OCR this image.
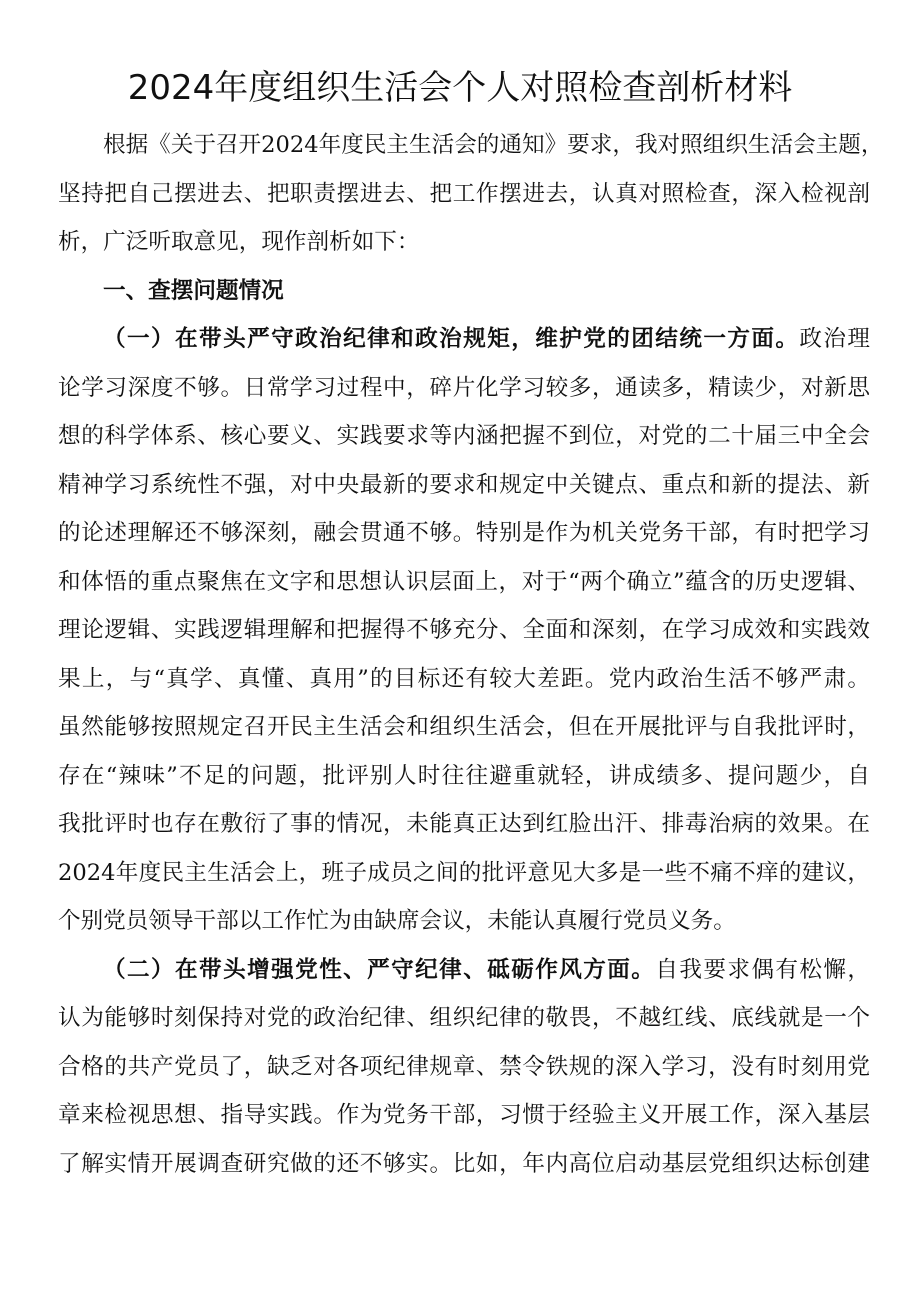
2024年度组织生活会个人对照检查剖析材料
根据《关于召开2024年度民主生活会的通知》要求，我对照组织生活会主题，
坚持把自己摆进去、把职责摆进去、把工作摆进去，认真对照检查，深入检视剖
析，广泛听取意见，现作剖析如下：
一、查摆问题情况
（一）在带头严守政治纪律和政治规矩，维护党的团结统一方面。政治理
论学习深度不够。日常学习过程中，碎片化学习较多，通读多，精读少，对新思
想的科学体系、核心要义、实践要求等内涵把握不到位，对党的二十届三中全会
精神学习系统性不强，对中央最新的要求和规定中关键点、重点和新的提法、新
的论述理解还不够深刻，融会贯通不够。特别是作为机关党务干部，有时把学习
和体悟的重点聚焦在文字和思想认识层面上，对于“两个确立”蕴含的历史逻辑、
理论逻辑、实践逻辑理解和把握得不够充分、全面和深刻，在学习成效和实践效
果上，与“真学、真懂、真用”的目标还有较大差距。党内政治生活不够严肃。
虽然能够按照规定召开民主生活会和组织生活会，但在开展批评与自我批评时，
存在“辣味”不足的问题，批评别人时往往避重就轻，讲成绩多、提问题少，自
我批评时也存在敷衍了事的情况，未能真正达到红脸出汗、排毒治病的效果。在
2024年度民主生活会上，班子成员之间的批评意见大多是一些不痛不痒的建议，
个别党员领导干部以工作忙为由缺席会议，未能认真履行党员义务。
（二）在带头增强党性、严守纪律、砥砺作风方面。自我要求偶有松懈，
认为能够时刻保持对党的政治纪律、组织纪律的敬畏，不越红线、底线就是一个
合格的共产党员了，缺乏对各项纪律规章、禁令铁规的深入学习，没有时刻用党
章来检视思想、指导实践。作为党务干部，习惯于经验主义开展工作，深入基层
了解实情开展调查研究做的还不够实。比如，年内高位启动基层党组织达标创建
